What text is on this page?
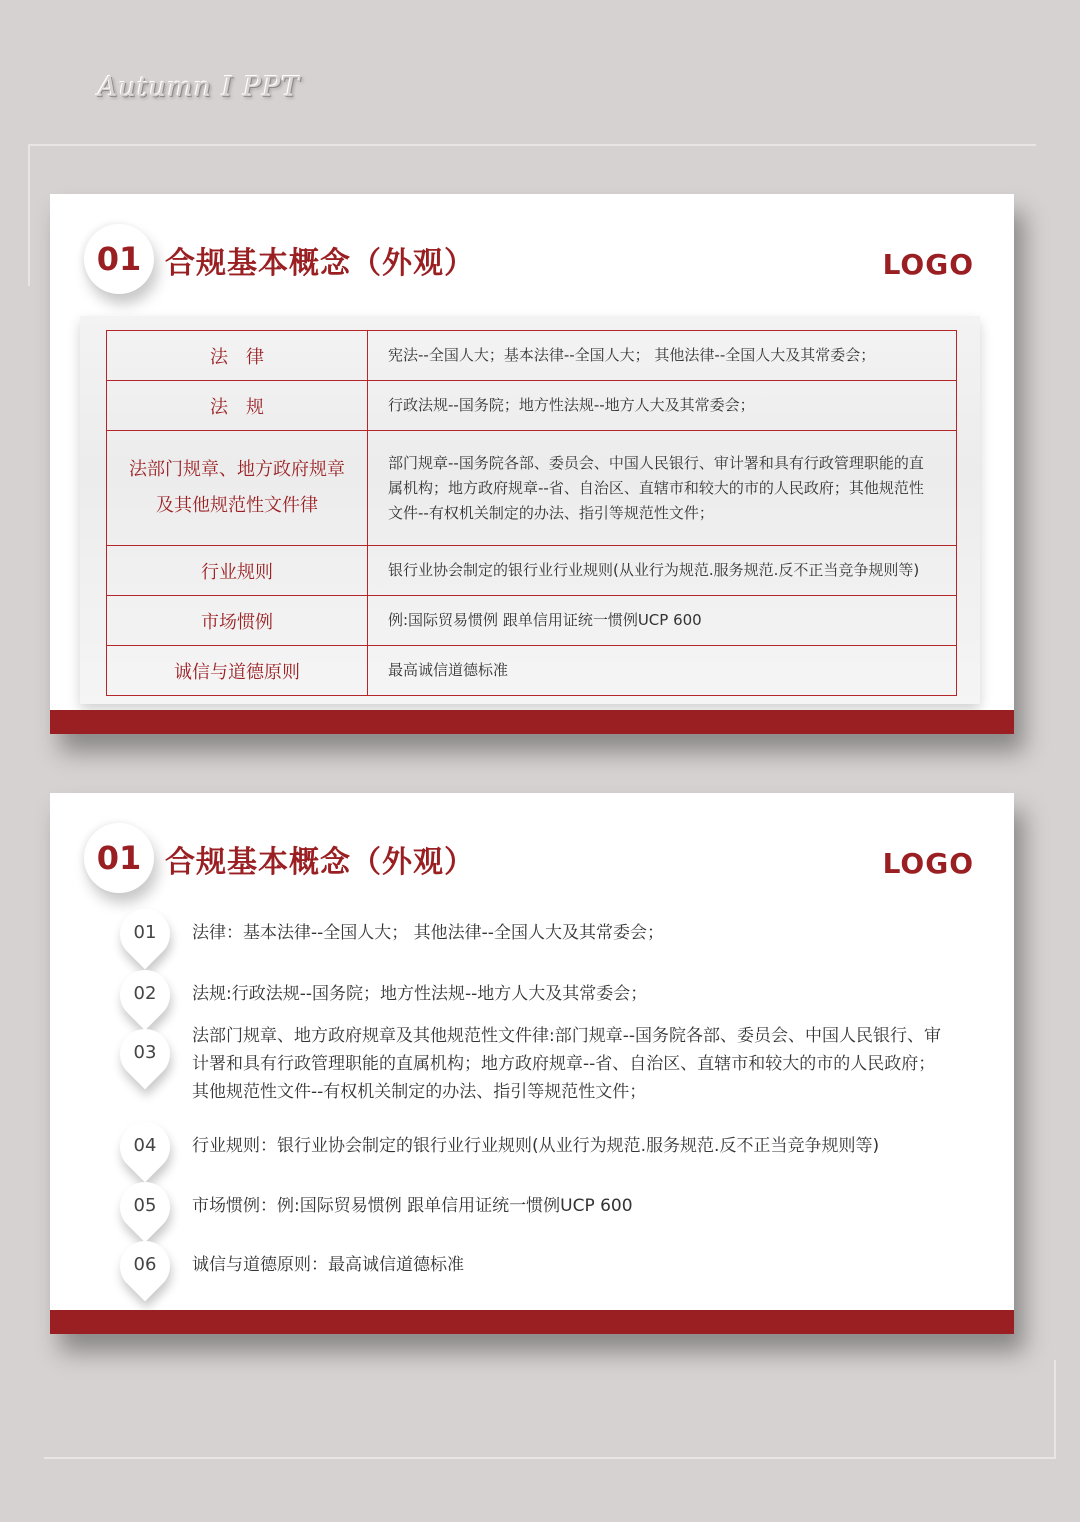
Autumn I PPT
01 合规基本概念（外观）	LOGO
法　律	宪法--全国人大；基本法律--全国人大； 其他法律--全国人大及其常委会；
法　规	行政法规--国务院；地方性法规--地方人大及其常委会；
法部门规章、地方政府规章及其他规范性文件律	部门规章--国务院各部、委员会、中国人民银行、审计署和具有行政管理职能的直属机构；地方政府规章--省、自治区、直辖市和较大的市的人民政府；其他规范性文件--有权机关制定的办法、指引等规范性文件；
行业规则	银行业协会制定的银行业行业规则(从业行为规范.服务规范.反不正当竞争规则等)
市场惯例	例:国际贸易惯例 跟单信用证统一惯例UCP 600
诚信与道德原则	最高诚信道德标准
01 合规基本概念（外观）	LOGO
01	法律：基本法律--全国人大； 其他法律--全国人大及其常委会；
02	法规:行政法规--国务院；地方性法规--地方人大及其常委会；
03
法部门规章、地方政府规章及其他规范性文件律:部门规章--国务院各部、委员会、中国人民银行、审计署和具有行政管理职能的直属机构；地方政府规章--省、自治区、直辖市和较大的市的人民政府；其他规范性文件--有权机关制定的办法、指引等规范性文件；
04	行业规则：银行业协会制定的银行业行业规则(从业行为规范.服务规范.反不正当竞争规则等)
05	市场惯例：例:国际贸易惯例 跟单信用证统一惯例UCP 600
06	诚信与道德原则：最高诚信道德标准
